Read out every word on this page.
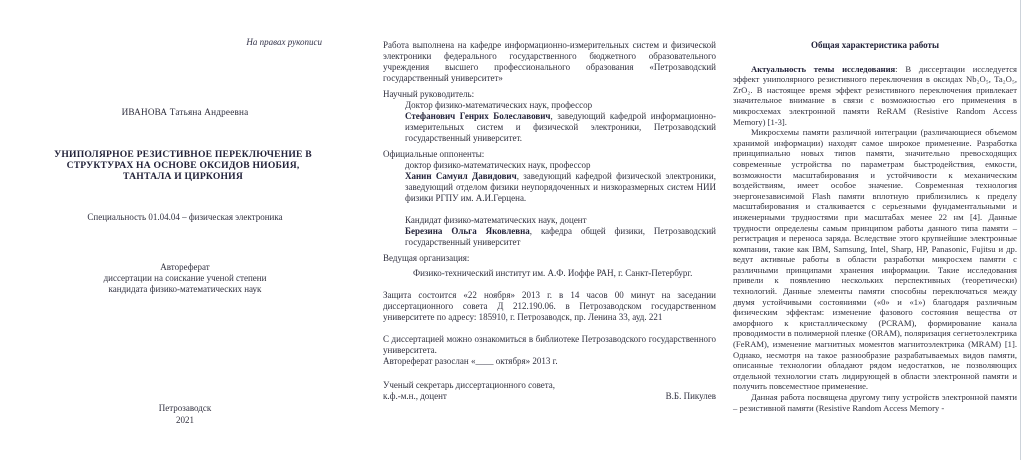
На правах рукописи
ИВАНОВА Татьяна Андреевна
УНИПОЛЯРНОЕ РЕЗИСТИВНОЕ ПЕРЕКЛЮЧЕНИЕ В СТРУКТУРАХ НА ОСНОВЕ ОКСИДОВ НИОБИЯ, ТАНТАЛА И ЦИРКОНИЯ
Специальность 01.04.04 – физическая электроника
Автореферат
диссертации на соискание ученой степени
кандидата физико-математических наук
Петрозаводск
2021

Работа выполнена на кафедре информационно-измерительных систем и физической электроники федерального государственного бюджетного образовательного учреждения высшего профессионального образования «Петрозаводский государственный университет»

Научный руководитель:
Доктор физико-математических наук, профессор

Стефанович Генрих Болеславович, заведующий кафедрой информационно-измерительных систем и физической электроники, Петрозаводский государственный университет.

Официальные оппоненты:
доктор физико-математических наук, профессор

Ханин Самуил Давидович, заведующий кафедрой физической электроники, заведующий отделом физики неупорядоченных и низкоразмерных систем НИИ физики РГПУ им. А.И.Герцена.

Кандидат физико-математических наук, доцент

Березина Ольга Яковлевна, кафедра общей физики, Петрозаводский государственный университет

Ведущая организация:

Физико-технический институт им. А.Ф. Иоффе РАН, г. Санкт-Петербург.

Защита состоится «22 ноября» 2013 г. в 14 часов 00 минут на заседании диссертационного совета Д 212.190.06. в Петрозаводском государственном университете по адресу: 185910, г. Петрозаводск, пр. Ленина 33, ауд. 221

С диссертацией можно ознакомиться в библиотеке Петрозаводского государственного университета.

Автореферат разослан «____ октября» 2013 г.

Ученый секретарь диссертационного совета,
к.ф.-м.н., доцент	В.Б. Пикулев
Общая характеристика работы

Актуальность темы исследования: В диссертации исследуется эффект униполярного резистивного переключения в оксидах Nb₂O₅, Ta₂O₅, ZrO₂. В настоящее время эффект резистивного переключения привлекает значительное внимание в связи с возможностью его применения в микросхемах электронной памяти ReRAM (Resistive Random Access Memory) [1-3].

Микросхемы памяти различной интеграции (различающиеся объемом хранимой информации) находят самое широкое применение. Разработка принципиально новых типов памяти, значительно превосходящих современные устройства по параметрам быстродействия, емкости, возможности масштабирования и устойчивости к механическим воздействиям, имеет особое значение. Современная технология энергонезависимой Flash памяти вплотную приблизились к пределу масштабирования и сталкивается с серьезными фундаментальными и инженерными трудностями при масштабах менее 22 нм [4]. Данные трудности определены самым принципом работы данного типа памяти – регистрация и переноса заряда. Вследствие этого крупнейшие электронные компании, такие как IBM, Samsung, Intel, Sharp, HP, Panasonic, Fujitsu и др. ведут активные работы в области разработки микросхем памяти с различными принципами хранения информации. Такие исследования привели к появлению нескольких перспективных (теоретически) технологий. Данные элементы памяти способны переключаться между двумя устойчивыми состояниями («0» и «1») благодаря различным физическим эффектам: изменение фазового состояния вещества от аморфного к кристаллическому (PCRAM), формирование канала проводимости в полимерной пленке (ORAM), поляризация сегнетоэлектрика (FeRAM), изменение магнитных моментов магнитоэлектрика (MRAM) [1]. Однако, несмотря на такое разнообразие разрабатываемых видов памяти, описанные технологии обладают рядом недостатков, не позволяющих отдельной технологии стать лидирующей в области электронной памяти и получить повсеместное применение.

Данная работа посвящена другому типу устройств электронной памяти – резистивной памяти (Resistive Random Access Memory -
